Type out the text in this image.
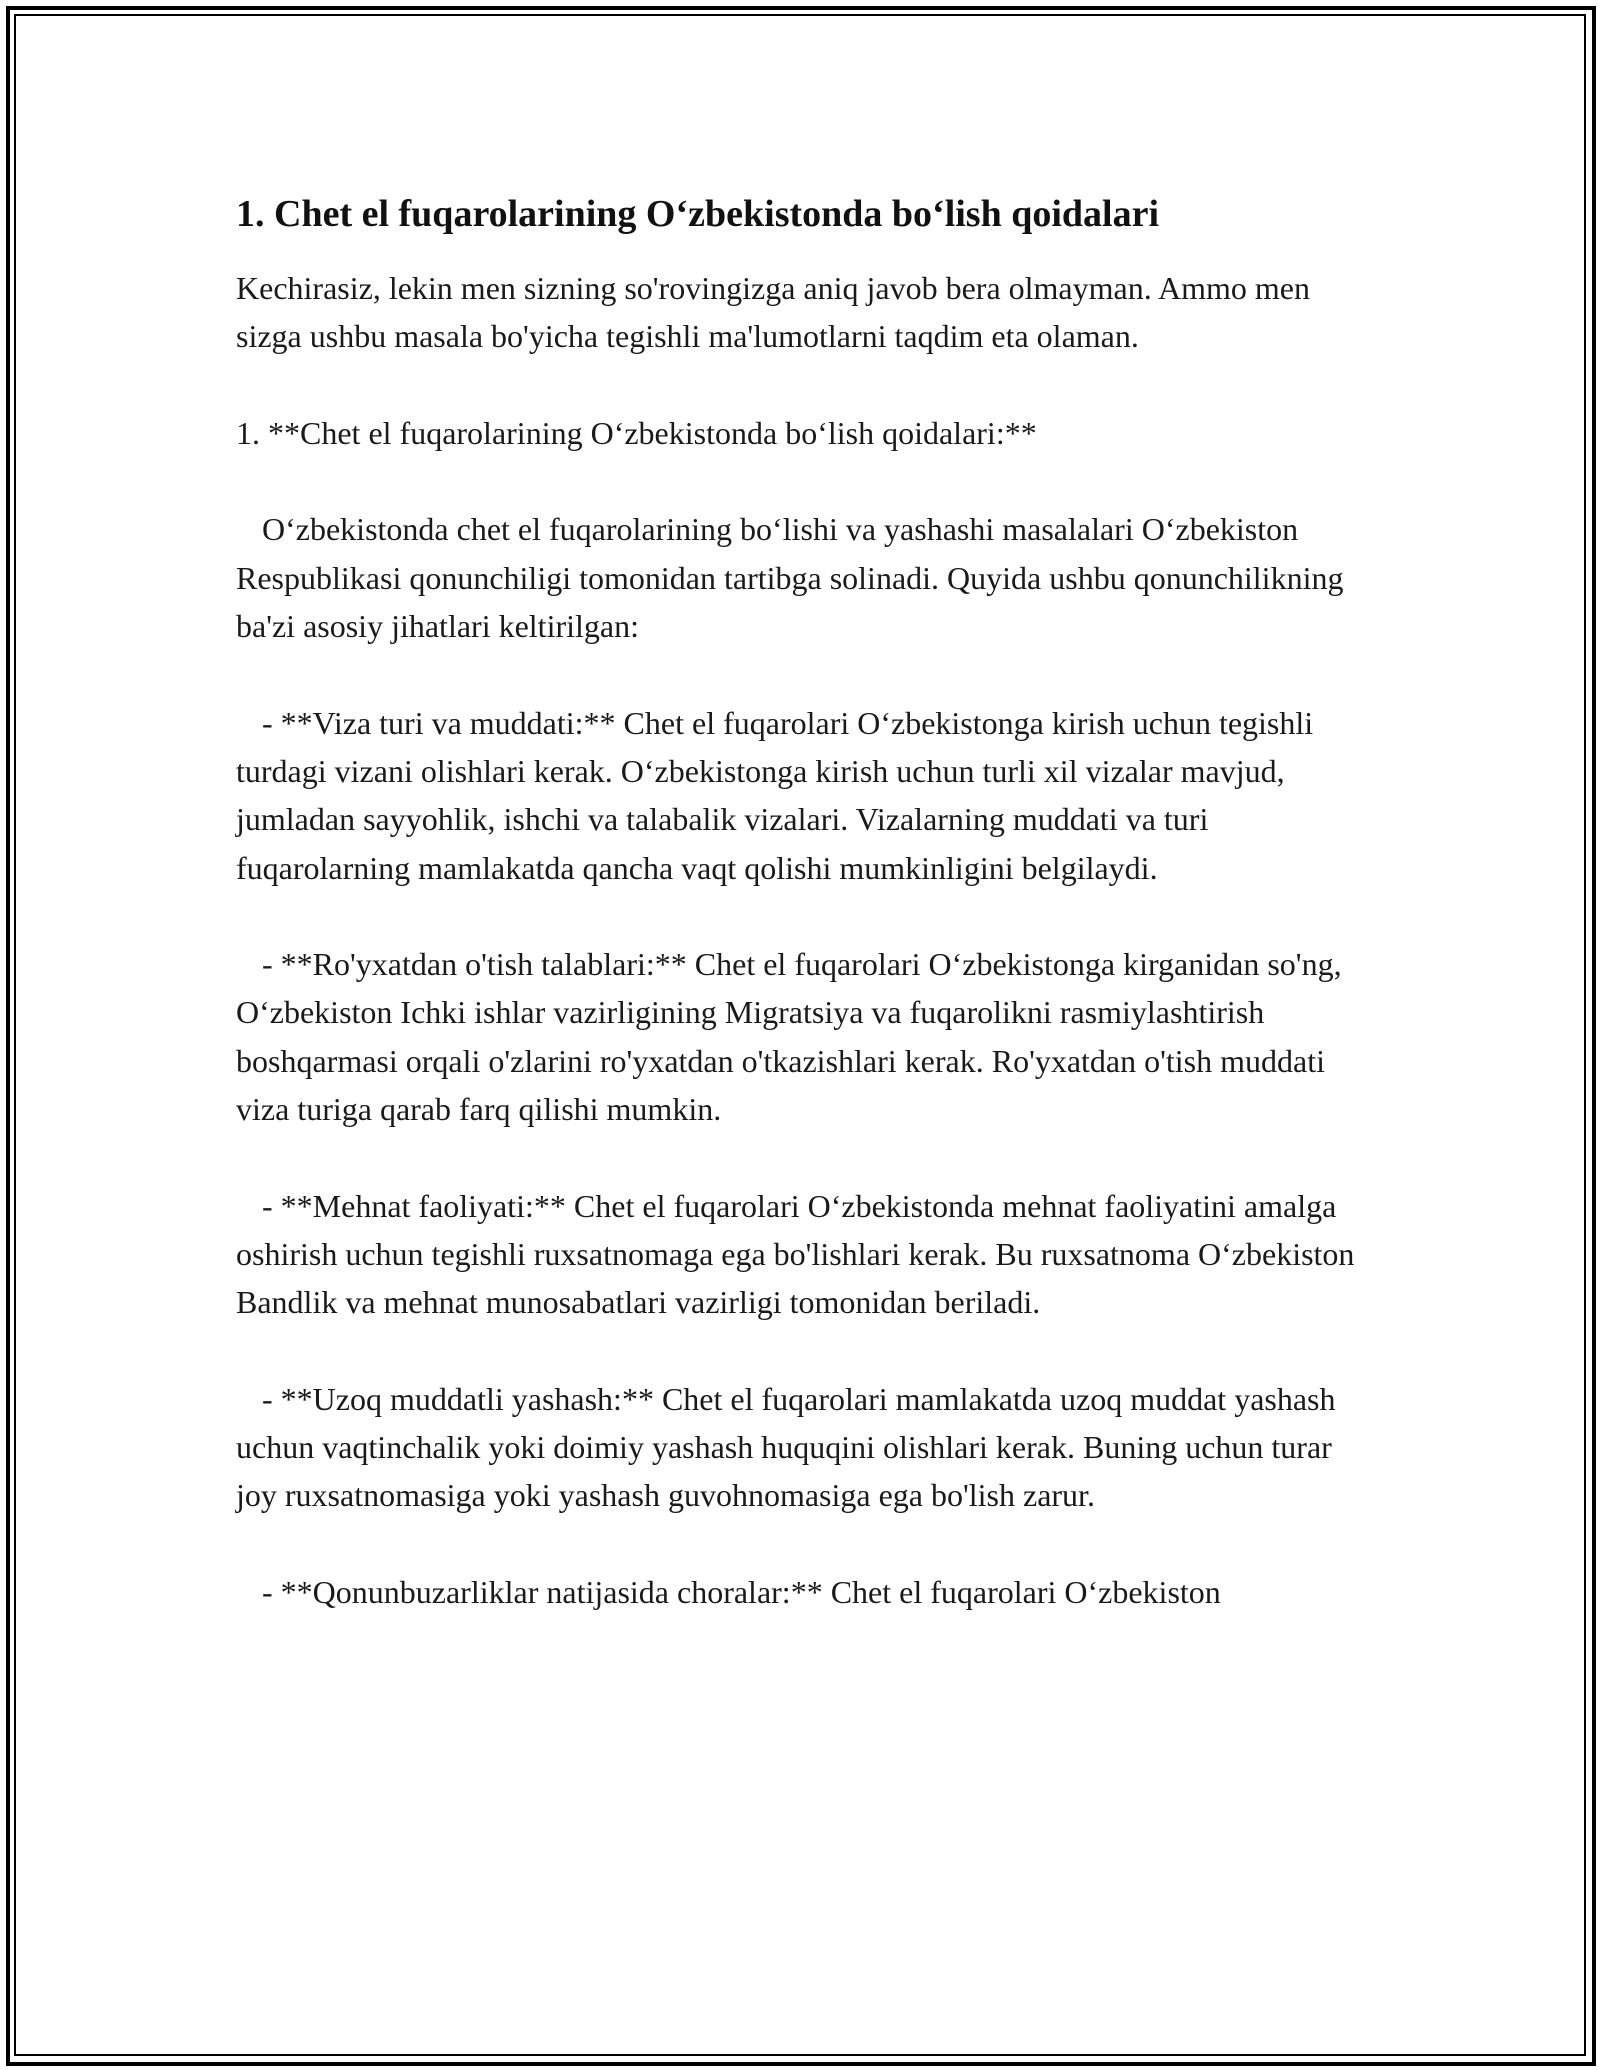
1. Chet el fuqarolarining O‘zbekistonda bo‘lish qoidalari

Kechirasiz, lekin men sizning so'rovingizga aniq javob bera olmayman. Ammo men sizga ushbu masala bo'yicha tegishli ma'lumotlarni taqdim eta olaman.

1. **Chet el fuqarolarining O‘zbekistonda bo‘lish qoidalari:**

O‘zbekistonda chet el fuqarolarining bo‘lishi va yashashi masalalari O‘zbekiston Respublikasi qonunchiligi tomonidan tartibga solinadi. Quyida ushbu qonunchilikning ba'zi asosiy jihatlari keltirilgan:

- **Viza turi va muddati:** Chet el fuqarolari O‘zbekistonga kirish uchun tegishli turdagi vizani olishlari kerak. O‘zbekistonga kirish uchun turli xil vizalar mavjud, jumladan sayyohlik, ishchi va talabalik vizalari. Vizalarning muddati va turi fuqarolarning mamlakatda qancha vaqt qolishi mumkinligini belgilaydi.

- **Ro'yxatdan o'tish talablari:** Chet el fuqarolari O‘zbekistonga kirganidan so'ng, O‘zbekiston Ichki ishlar vazirligining Migratsiya va fuqarolikni rasmiylashtirish boshqarmasi orqali o'zlarini ro'yxatdan o'tkazishlari kerak. Ro'yxatdan o'tish muddati viza turiga qarab farq qilishi mumkin.

- **Mehnat faoliyati:** Chet el fuqarolari O‘zbekistonda mehnat faoliyatini amalga oshirish uchun tegishli ruxsatnomaga ega bo'lishlari kerak. Bu ruxsatnoma O‘zbekiston Bandlik va mehnat munosabatlari vazirligi tomonidan beriladi.

- **Uzoq muddatli yashash:** Chet el fuqarolari mamlakatda uzoq muddat yashash uchun vaqtinchalik yoki doimiy yashash huquqini olishlari kerak. Buning uchun turar joy ruxsatnomasiga yoki yashash guvohnomasiga ega bo'lish zarur.

- **Qonunbuzarliklar natijasida choralar:** Chet el fuqarolari O‘zbekiston
